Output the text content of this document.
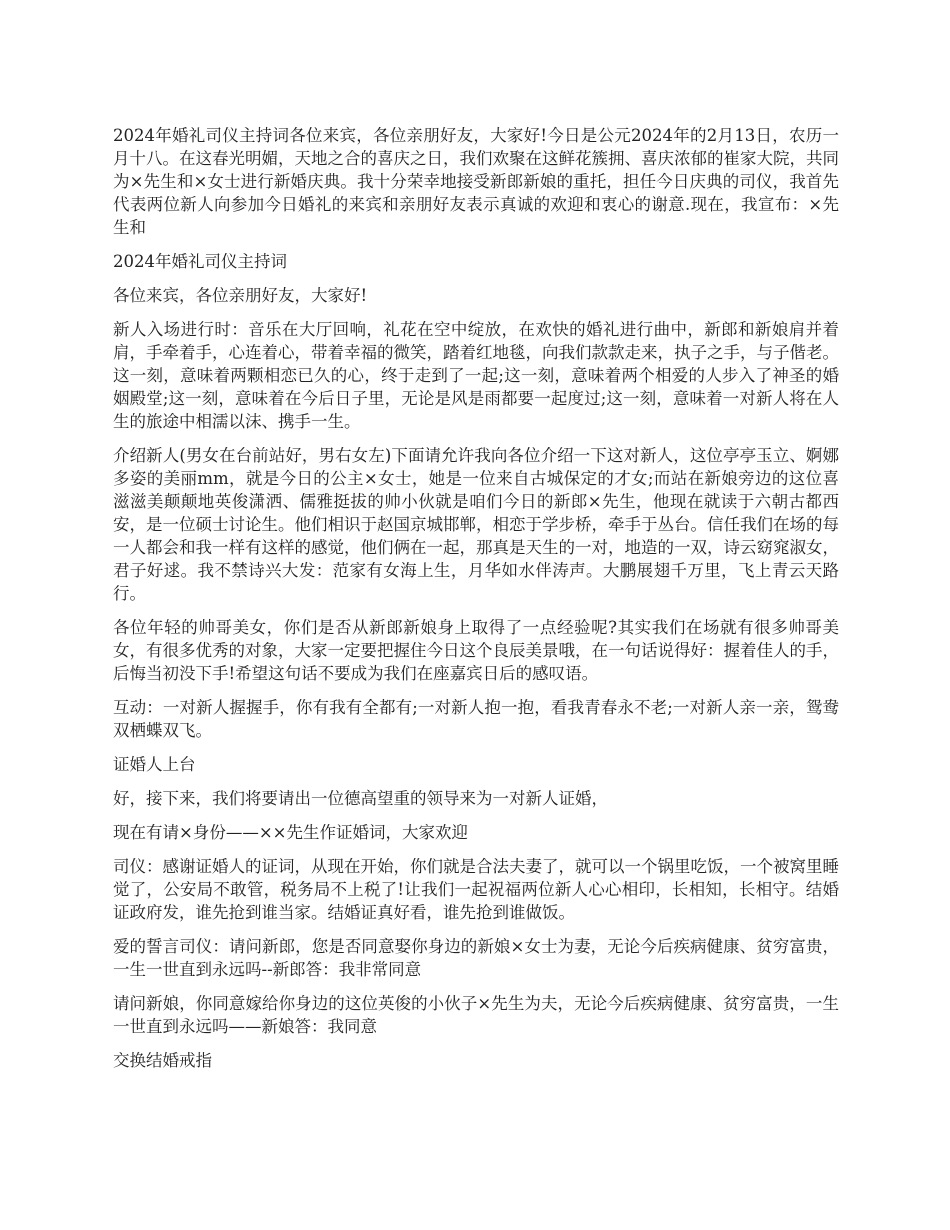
2024年婚礼司仪主持词各位来宾，各位亲朋好友，大家好!今日是公元2024年的2月13日，农历一月十八。在这春光明媚，天地之合的喜庆之日，我们欢聚在这鲜花簇拥、喜庆浓郁的崔家大院，共同为×先生和×女士进行新婚庆典。我十分荣幸地接受新郎新娘的重托，担任今日庆典的司仪，我首先代表两位新人向参加今日婚礼的来宾和亲朋好友表示真诚的欢迎和衷心的谢意.现在，我宣布：×先生和

2024年婚礼司仪主持词

各位来宾，各位亲朋好友，大家好!

新人入场进行时：音乐在大厅回响，礼花在空中绽放，在欢快的婚礼进行曲中，新郎和新娘肩并着肩，手牵着手，心连着心，带着幸福的微笑，踏着红地毯，向我们款款走来，执子之手，与子偕老。这一刻，意味着两颗相恋已久的心，终于走到了一起;这一刻，意味着两个相爱的人步入了神圣的婚姻殿堂;这一刻，意味着在今后日子里，无论是风是雨都要一起度过;这一刻，意味着一对新人将在人生的旅途中相濡以沫、携手一生。

介绍新人(男女在台前站好，男右女左)下面请允许我向各位介绍一下这对新人，这位亭亭玉立、婀娜多姿的美丽mm，就是今日的公主×女士，她是一位来自古城保定的才女;而站在新娘旁边的这位喜滋滋美颠颠地英俊潇洒、儒雅挺拔的帅小伙就是咱们今日的新郎×先生，他现在就读于六朝古都西安，是一位硕士讨论生。他们相识于赵国京城邯郸，相恋于学步桥，牵手于丛台。信任我们在场的每一人都会和我一样有这样的感觉，他们俩在一起，那真是天生的一对，地造的一双，诗云窈窕淑女，君子好逑。我不禁诗兴大发：范家有女海上生，月华如水伴涛声。大鹏展翅千万里，飞上青云天路行。

各位年轻的帅哥美女，你们是否从新郎新娘身上取得了一点经验呢?其实我们在场就有很多帅哥美女，有很多优秀的对象，大家一定要把握住今日这个良辰美景哦，在一句话说得好：握着佳人的手，后悔当初没下手!希望这句话不要成为我们在座嘉宾日后的感叹语。

互动：一对新人握握手，你有我有全都有;一对新人抱一抱，看我青春永不老;一对新人亲一亲，鸳鸯双栖蝶双飞。

证婚人上台

好，接下来，我们将要请出一位德高望重的领导来为一对新人证婚，

现在有请×身份——××先生作证婚词，大家欢迎

司仪：感谢证婚人的证词，从现在开始，你们就是合法夫妻了，就可以一个锅里吃饭，一个被窝里睡觉了，公安局不敢管，税务局不上税了!让我们一起祝福两位新人心心相印，长相知，长相守。结婚证政府发，谁先抢到谁当家。结婚证真好看，谁先抢到谁做饭。

爱的誓言司仪：请问新郎，您是否同意娶你身边的新娘×女士为妻，无论今后疾病健康、贫穷富贵，一生一世直到永远吗--新郎答：我非常同意

请问新娘，你同意嫁给你身边的这位英俊的小伙子×先生为夫，无论今后疾病健康、贫穷富贵，一生一世直到永远吗——新娘答：我同意

交换结婚戒指
